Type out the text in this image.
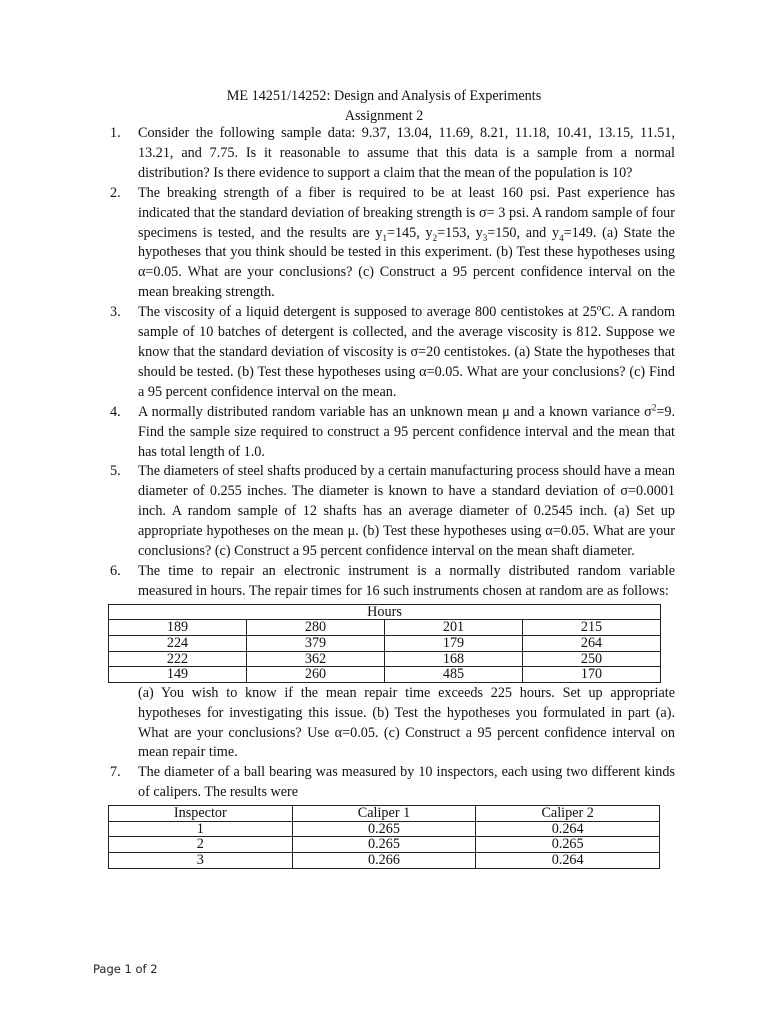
ME 14251/14252: Design and Analysis of Experiments
Assignment 2
1.	Consider the following sample data: 9.37, 13.04, 11.69, 8.21, 11.18, 10.41, 13.15, 11.51, 13.21, and 7.75. Is it reasonable to assume that this data is a sample from a normal distribution? Is there evidence to support a claim that the mean of the population is 10?

2.	The breaking strength of a fiber is required to be at least 160 psi. Past experience has indicated that the standard deviation of breaking strength is σ= 3 psi. A random sample of four specimens is tested, and the results are $y_1=145$, $y_2=153$, $y_3=150$, and $y_4=149$. (a) State the hypotheses that you think should be tested in this experiment. (b) Test these hypotheses using α=0.05. What are your conclusions? (c) Construct a 95 percent confidence interval on the mean breaking strength.

3.	The viscosity of a liquid detergent is supposed to average 800 centistokes at 25$^o$C. A random sample of 10 batches of detergent is collected, and the average viscosity is 812. Suppose we know that the standard deviation of viscosity is σ=20 centistokes. (a) State the hypotheses that should be tested. (b) Test these hypotheses using α=0.05. What are your conclusions? (c) Find a 95 percent confidence interval on the mean.

4.	A normally distributed random variable has an unknown mean μ and a known variance $\sigma^2=9$. Find the sample size required to construct a 95 percent confidence interval and the mean that has total length of 1.0.

5.	The diameters of steel shafts produced by a certain manufacturing process should have a mean diameter of 0.255 inches. The diameter is known to have a standard deviation of σ=0.0001 inch. A random sample of 12 shafts has an average diameter of 0.2545 inch. (a) Set up appropriate hypotheses on the mean μ. (b) Test these hypotheses using α=0.05. What are your conclusions? (c) Construct a 95 percent confidence interval on the mean shaft diameter.

6.	The time to repair an electronic instrument is a normally distributed random variable measured in hours. The repair times for 16 such instruments chosen at random are as follows:

Hours			
189	280	201	215
224	379	179	264
222	362	168	250
149	260	485	170
(a) You wish to know if the mean repair time exceeds 225 hours. Set up appropriate hypotheses for investigating this issue. (b) Test the hypotheses you formulated in part (a). What are your conclusions? Use α=0.05. (c) Construct a 95 percent confidence interval on mean repair time.
7.	The diameter of a ball bearing was measured by 10 inspectors, each using two different kinds of calipers. The results were

Inspector	Caliper 1	Caliper 2
1	0.265	0.264
2	0.265	0.265
3	0.266	0.264
Page 1 of 2
